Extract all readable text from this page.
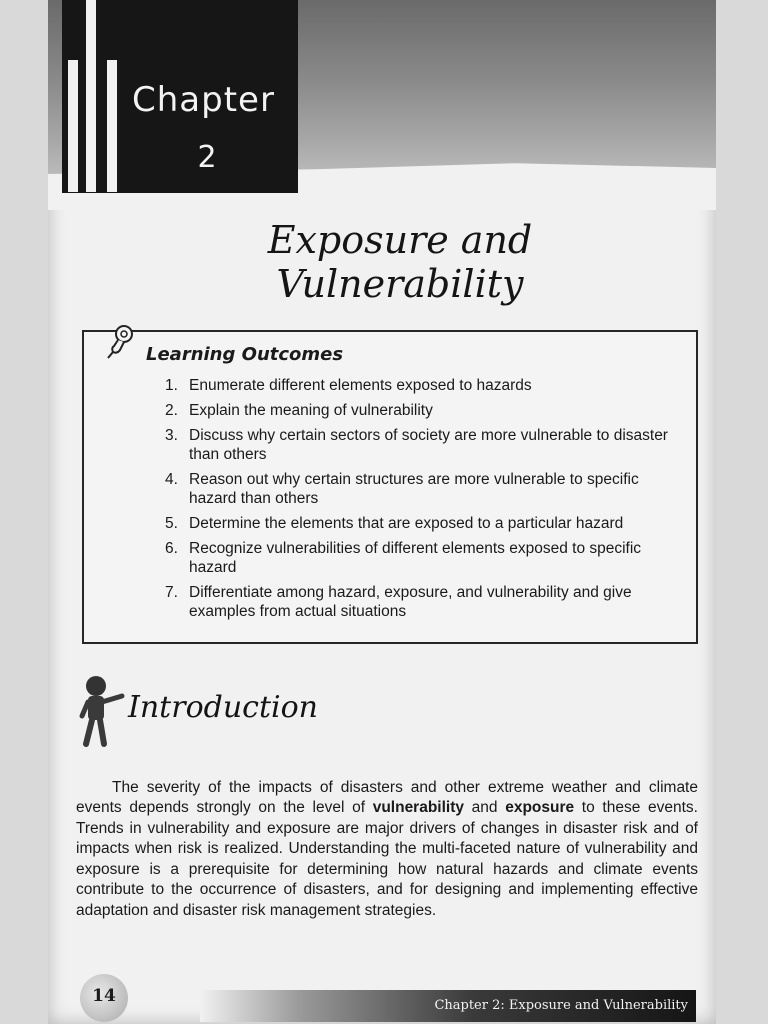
Chapter
2
Exposure and Vulnerability
Learning Outcomes
1. Enumerate different elements exposed to hazards
2. Explain the meaning of vulnerability
3. Discuss why certain sectors of society are more vulnerable to disaster than others
4. Reason out why certain structures are more vulnerable to specific hazard than others
5. Determine the elements that are exposed to a particular hazard
6. Recognize vulnerabilities of different elements exposed to specific hazard
7. Differentiate among hazard, exposure, and vulnerability and give examples from actual situations
Introduction

The severity of the impacts of disasters and other extreme weather and climate events depends strongly on the level of vulnerability and exposure to these events. Trends in vulnerability and exposure are major drivers of changes in disaster risk and of impacts when risk is realized. Understanding the multi-faceted nature of vulnerability and exposure is a prerequisite for determining how natural hazards and climate events contribute to the occurrence of disasters, and for designing and implementing effective adaptation and disaster risk management strategies.

Chapter 2: Exposure and Vulnerability
14
